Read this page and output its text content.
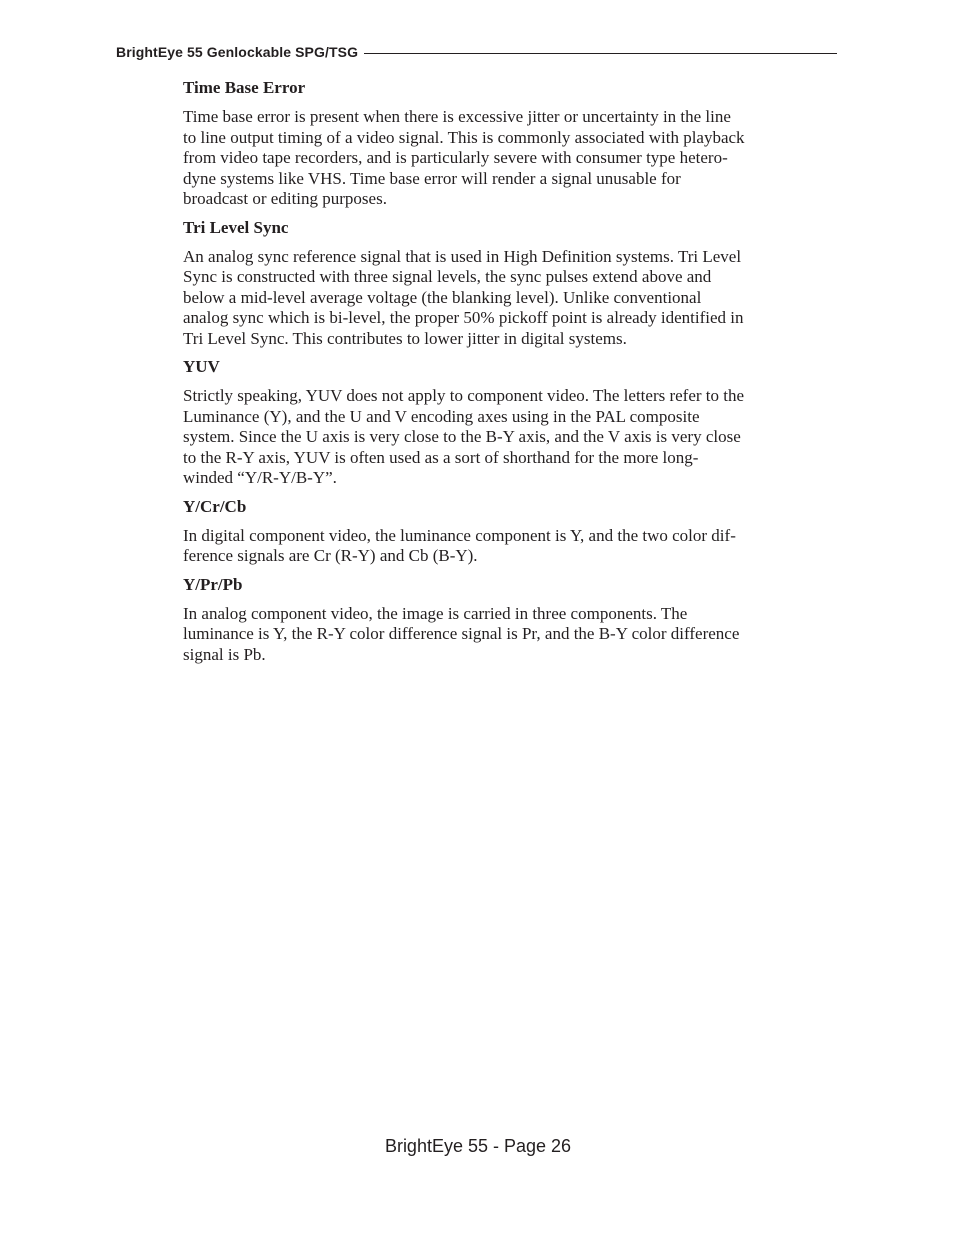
BrightEye 55 Genlockable SPG/TSG
Time Base Error
Time base error is present when there is excessive jitter or uncertainty in the line
to line output timing of a video signal. This is commonly associated with playback
from video tape recorders, and is particularly severe with consumer type hetero-
dyne systems like VHS. Time base error will render a signal unusable for
broadcast or editing purposes.
Tri Level Sync
An analog sync reference signal that is used in High Definition systems. Tri Level
Sync is constructed with three signal levels, the sync pulses extend above and
below a mid-level average voltage (the blanking level). Unlike conventional
analog sync which is bi-level, the proper 50% pickoff point is already identified in
Tri Level Sync. This contributes to lower jitter in digital systems.
YUV
Strictly speaking, YUV does not apply to component video. The letters refer to the
Luminance (Y), and the U and V encoding axes using in the PAL composite
system. Since the U axis is very close to the B-Y axis, and the V axis is very close
to the R-Y axis, YUV is often used as a sort of shorthand for the more long-
winded “Y/R-Y/B-Y”.
Y/Cr/Cb
In digital component video, the luminance component is Y, and the two color dif-
ference signals are Cr (R-Y) and Cb (B-Y).
Y/Pr/Pb
In analog component video, the image is carried in three components. The
luminance is Y, the R-Y color difference signal is Pr, and the B-Y color difference
signal is Pb.
BrightEye 55 - Page 26
